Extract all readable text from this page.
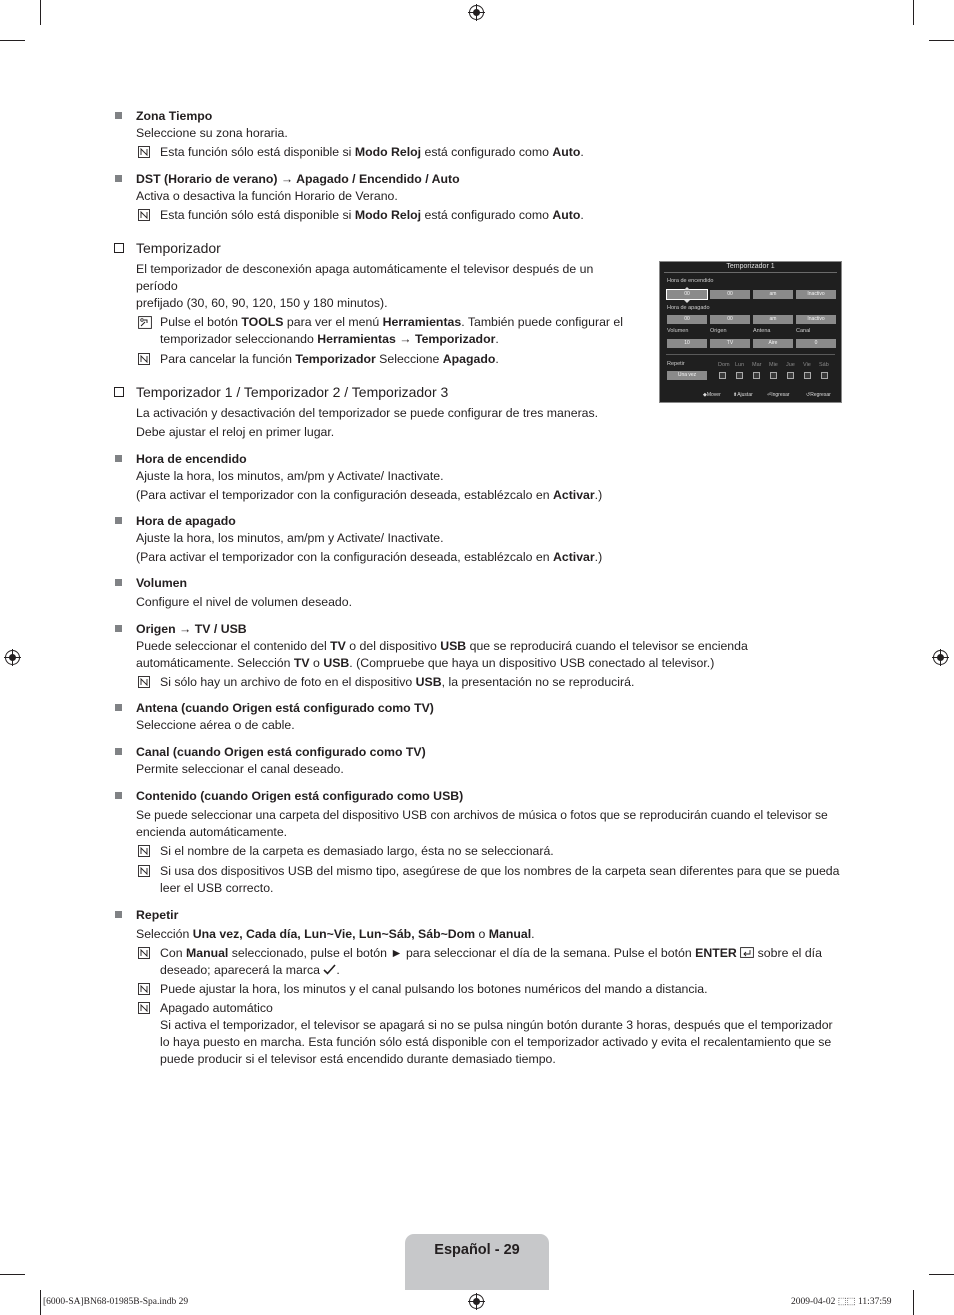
Zona Tiempo

Seleccione su zona horaria.

Esta función sólo está disponible si Modo Reloj está configurado como Auto.
DST (Horario de verano) → Apagado / Encendido / Auto

Activa o desactiva la función Horario de Verano.

Esta función sólo está disponible si Modo Reloj está configurado como Auto.
Temporizador

El temporizador de desconexión apaga automáticamente el televisor después de un período

prefijado (30, 60, 90, 120, 150 y 180 minutos).

Pulse el botón TOOLS para ver el menú Herramientas. También puede configurar el
temporizador seleccionando Herramientas → Temporizador.
Para cancelar la función Temporizador Seleccione Apagado.
Temporizador 1 / Temporizador 2 / Temporizador 3

La activación y desactivación del temporizador se puede configurar de tres maneras.

Debe ajustar el reloj en primer lugar.

Hora de encendido

Ajuste la hora, los minutos, am/pm y Activate/ Inactivate.

(Para activar el temporizador con la configuración deseada, establézcalo en Activar.)

Hora de apagado

Ajuste la hora, los minutos, am/pm y Activate/ Inactivate.

(Para activar el temporizador con la configuración deseada, establézcalo en Activar.)

Volumen

Configure el nivel de volumen deseado.

Origen → TV / USB

Puede seleccionar el contenido del TV o del dispositivo USB que se reproducirá cuando el televisor se encienda

automáticamente. Selección TV o USB. (Compruebe que haya un dispositivo USB conectado al televisor.)

Si sólo hay un archivo de foto en el dispositivo USB, la presentación no se reproducirá.
Antena (cuando Origen está configurado como TV)

Seleccione aérea o de cable.

Canal (cuando Origen está configurado como TV)

Permite seleccionar el canal deseado.

Contenido (cuando Origen está configurado como USB)

Se puede seleccionar una carpeta del dispositivo USB con archivos de música o fotos que se reproducirán cuando el televisor se

encienda automáticamente.

Si el nombre de la carpeta es demasiado largo, ésta no se seleccionará.
Si usa dos dispositivos USB del mismo tipo, asegúrese de que los nombres de la carpeta sean diferentes para que se pueda
leer el USB correcto.
Repetir

Selección Una vez, Cada día, Lun~Vie, Lun~Sáb, Sáb~Dom o Manual.

Con Manual seleccionado, pulse el botón ► para seleccionar el día de la semana. Pulse el botón ENTER  sobre el día
deseado; aparecerá la marca .
Puede ajustar la hora, los minutos y el canal pulsando los botones numéricos del mando a distancia.
Apagado automático
Si activa el temporizador, el televisor se apagará si no se pulsa ningún botón durante 3 horas, después que el temporizador
lo haya puesto en marcha. Esta función sólo está disponible con el temporizador activado y evita el recalentamiento que se
puede producir si el televisor está encendido durante demasiado tiempo.
Temporizador 1
Hora de encendido
00	00	am	Inactivo
Hora de apagado
00	00	am	Inactivo
Volumen	Origen	Antena	Canal
10	TV	Aire	0
Repetir
Una vez
Dom Lun Mar Mie Jue Vie Sáb
◆Mover ⬍Ajustar	⏎Ingresar	↺Regresar
Español - 29
[6000-SA]BN68-01985B-Spa.indb 29	2009-04-02 ⬚⬚ 11:37:59
